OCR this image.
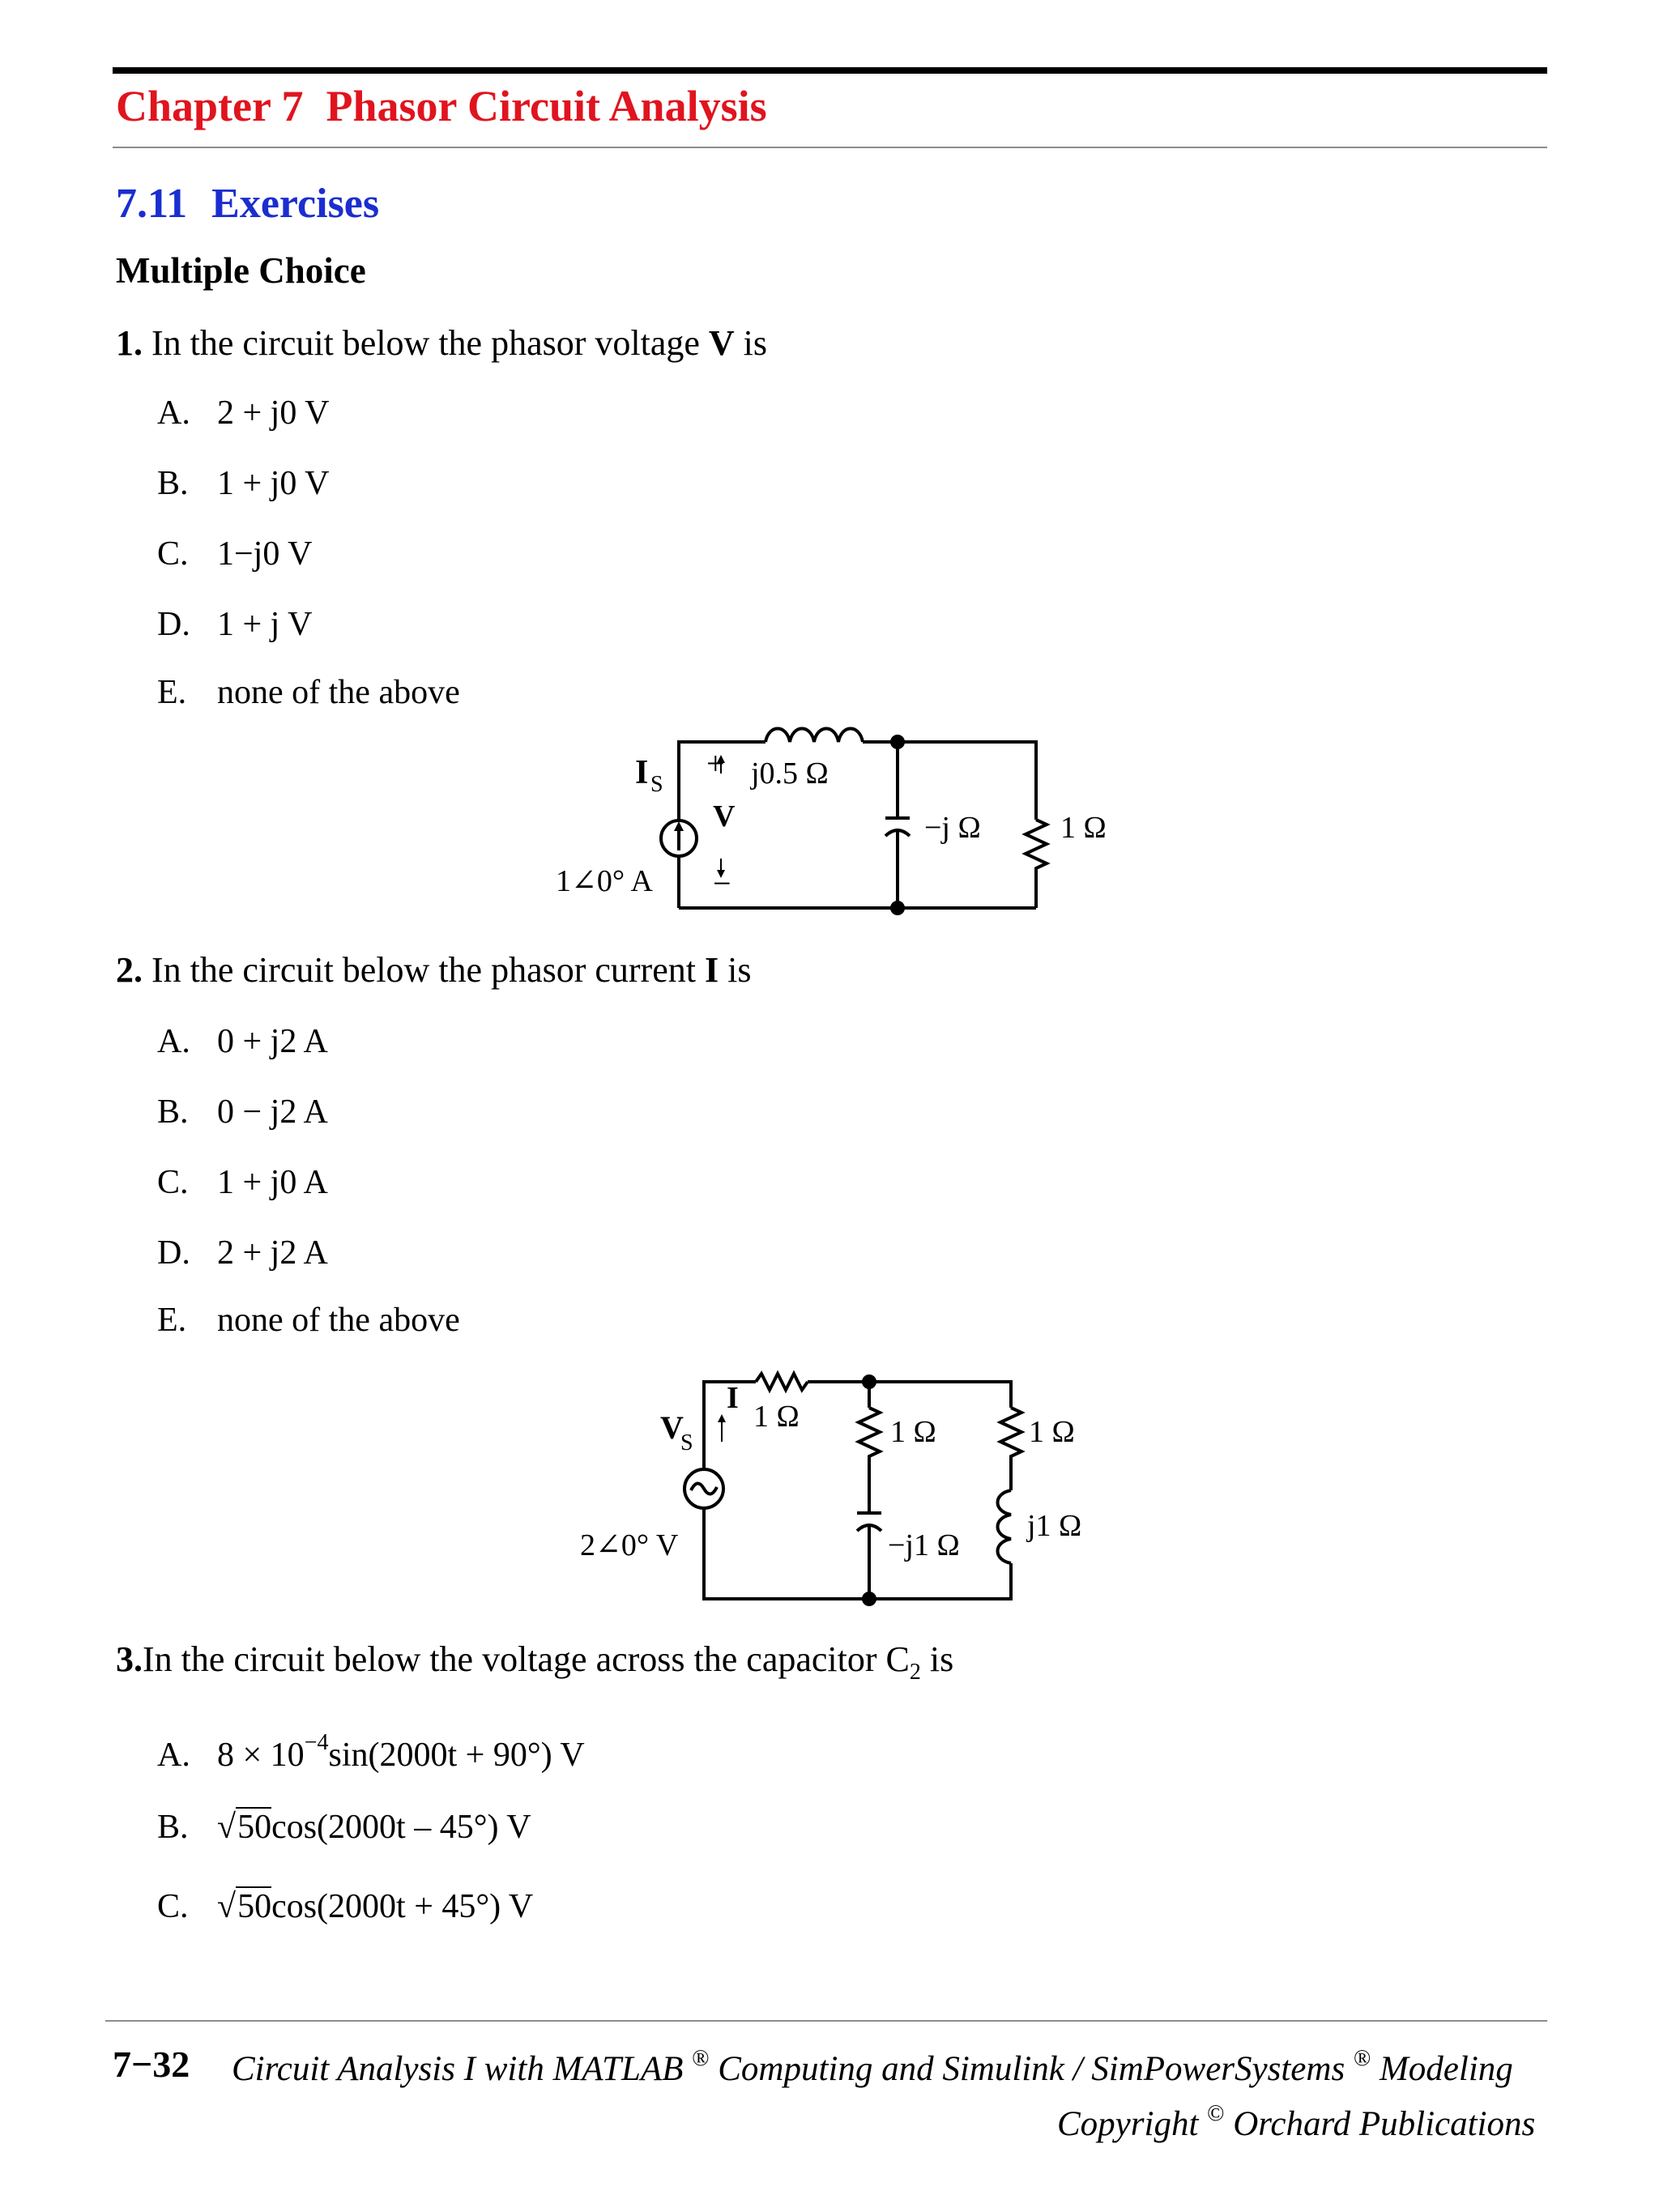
Chapter 7 Phasor Circuit Analysis
7.11 Exercises
Multiple Choice
1. In the circuit below the phasor voltage V is
A. 2 + j0 V
B. 1 + j0 V
C. 1−j0 V
D. 1 + j V
E. none of the above
I S
+
V
−
j0.5 Ω
−j Ω	1 Ω
1∠0° A
I
1 Ω
V
S	1 Ω	1 Ω
−j1 Ω
j1 Ω
2∠0° V
2. In the circuit below the phasor current I is
A. 0 + j2 A
B. 0 − j2 A
C. 1 + j0 A
D. 2 + j2 A
E. none of the above
3.In the circuit below the voltage across the capacitor $C_2$ is
A. $8 \times 10^{-4}\sin(2000t + 90^\circ)$ V
B. √50cos(2000t – 45°) V
C. √50cos(2000t + 45°) V
7−32 Circuit Analysis I with MATLAB ® Computing and Simulink / SimPowerSystems ® Modeling
Copyright © Orchard Publications
